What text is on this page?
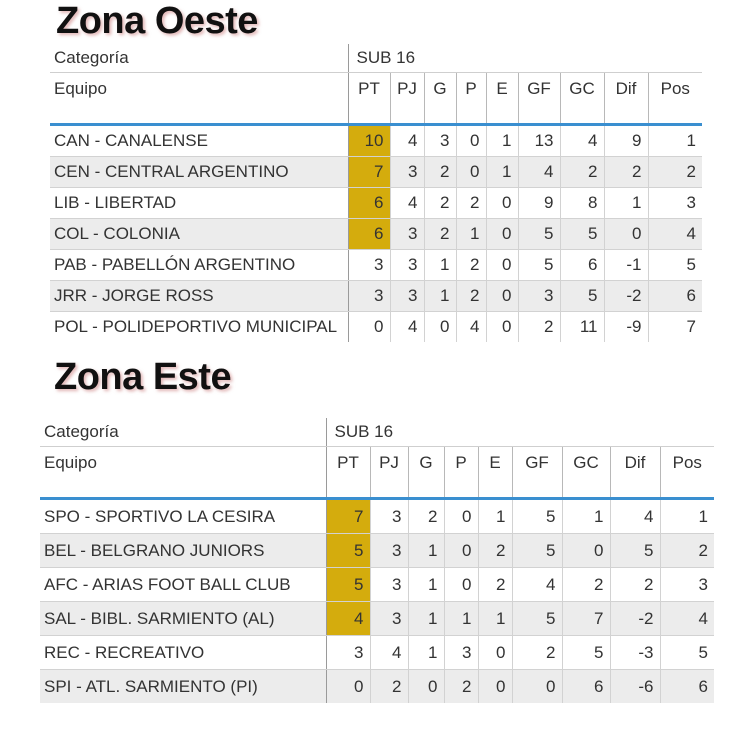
Zona Oeste
Categoría	SUB 16								
Equipo	PT	PJ	G	P	E	GF	GC	Dif	Pos
CAN - CANALENSE	10	4	3	0	1	13	4	9	1
CEN - CENTRAL ARGENTINO	7	3	2	0	1	4	2	2	2
LIB - LIBERTAD	6	4	2	2	0	9	8	1	3
COL - COLONIA	6	3	2	1	0	5	5	0	4
PAB - PABELLÓN ARGENTINO	3	3	1	2	0	5	6	-1	5
JRR - JORGE ROSS	3	3	1	2	0	3	5	-2	6
POL - POLIDEPORTIVO MUNICIPAL	0	4	0	4	0	2	11	-9	7
Zona Este
Categoría	SUB 16								
Equipo	PT	PJ	G	P	E	GF	GC	Dif	Pos
SPO - SPORTIVO LA CESIRA	7	3	2	0	1	5	1	4	1
BEL - BELGRANO JUNIORS	5	3	1	0	2	5	0	5	2
AFC - ARIAS FOOT BALL CLUB	5	3	1	0	2	4	2	2	3
SAL - BIBL. SARMIENTO (AL)	4	3	1	1	1	5	7	-2	4
REC - RECREATIVO	3	4	1	3	0	2	5	-3	5
SPI - ATL. SARMIENTO (PI)	0	2	0	2	0	0	6	-6	6
